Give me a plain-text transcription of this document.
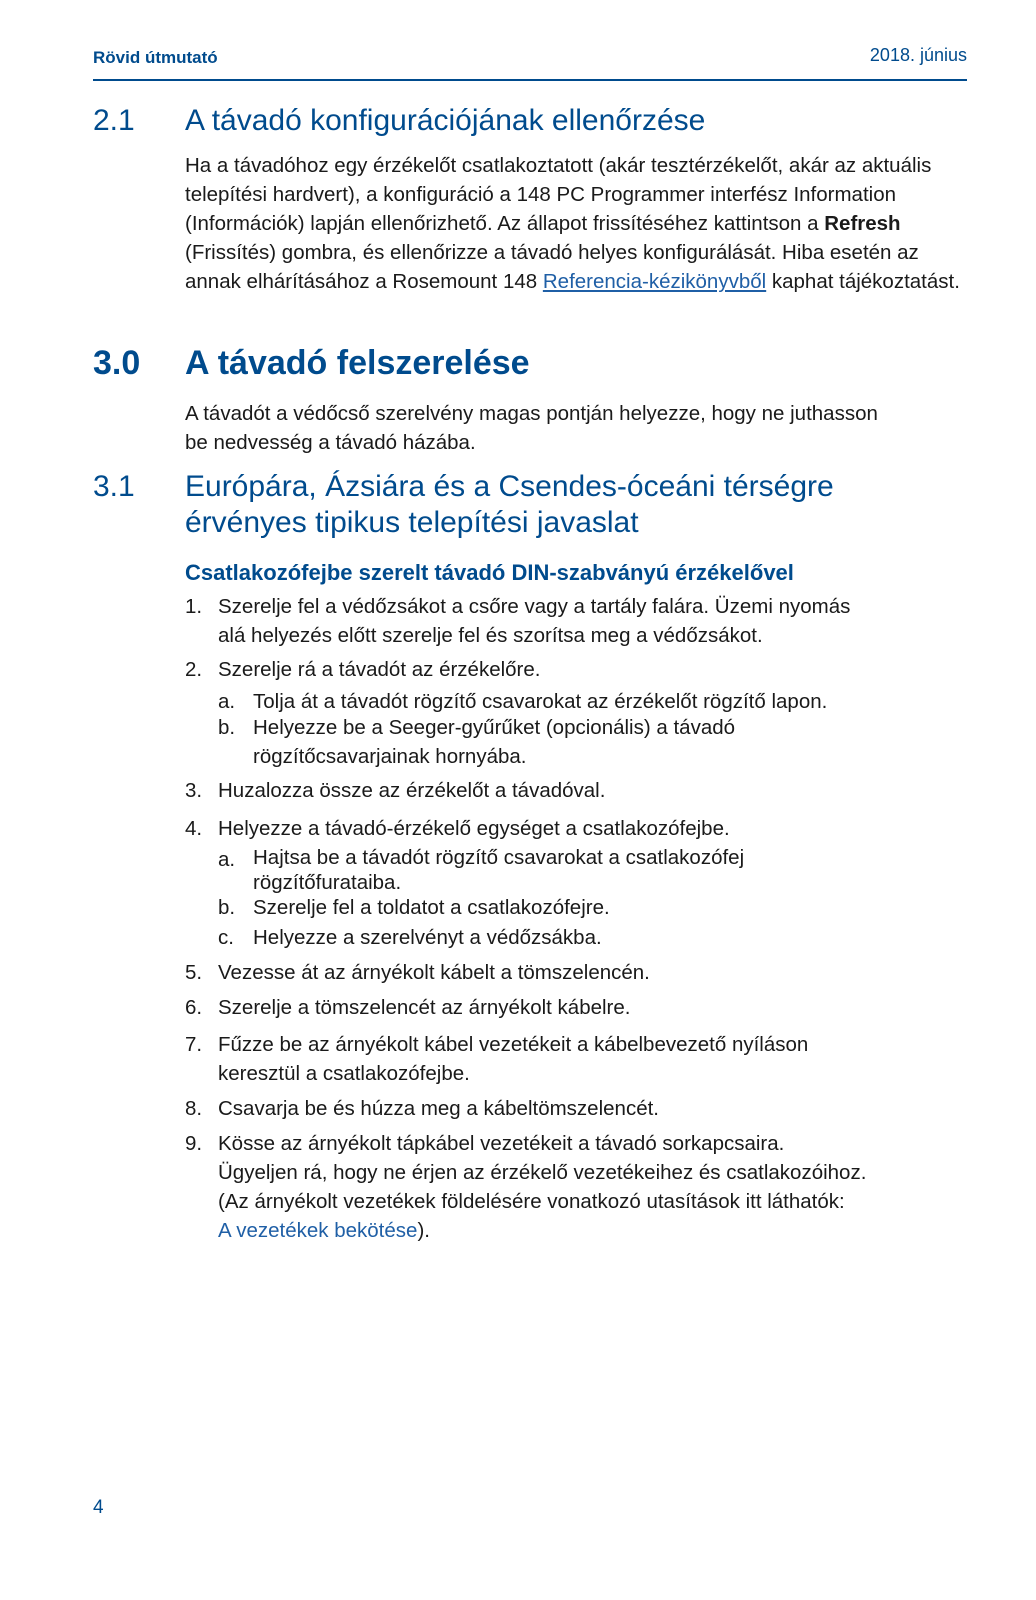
Rövid útmutató	2018. június
2.1 A távadó konfigurációjának ellenőrzése

Ha a távadóhoz egy érzékelőt csatlakoztatott (akár tesztérzékelőt, akár az aktuális telepítési hardvert), a konfiguráció a 148 PC Programmer interfész Information (Információk) lapján ellenőrizhető. Az állapot frissítéséhez kattintson a Refresh (Frissítés) gombra, és ellenőrizze a távadó helyes konfigurálását. Hiba esetén az annak elhárításához a Rosemount 148 Referencia-kézikönyvből kaphat tájékoztatást.

3.0 A távadó felszerelése

A távadót a védőcső szerelvény magas pontján helyezze, hogy ne juthasson be nedvesség a távadó házába.

3.1 Európára, Ázsiára és a Csendes-óceáni térségre
érvényes tipikus telepítési javaslat
Csatlakozófejbe szerelt távadó DIN-szabványú érzékelővel
1. Szerelje fel a védőzsákot a csőre vagy a tartály falára. Üzemi nyomás
alá helyezés előtt szerelje fel és szorítsa meg a védőzsákot.
2. Szerelje rá a távadót az érzékelőre.
a. Tolja át a távadót rögzítő csavarokat az érzékelőt rögzítő lapon.
b. Helyezze be a Seeger-gyűrűket (opcionális) a távadó
rögzítőcsavarjainak hornyába.
3. Huzalozza össze az érzékelőt a távadóval.
4. Helyezze a távadó-érzékelő egységet a csatlakozófejbe.
a. Hajtsa be a távadót rögzítő csavarokat a csatlakozófej
rögzítőfurataiba.
b. Szerelje fel a toldatot a csatlakozófejre.
c. Helyezze a szerelvényt a védőzsákba.
5. Vezesse át az árnyékolt kábelt a tömszelencén.
6. Szerelje a tömszelencét az árnyékolt kábelre.
7. Fűzze be az árnyékolt kábel vezetékeit a kábelbevezető nyíláson
keresztül a csatlakozófejbe.
8. Csavarja be és húzza meg a kábeltömszelencét.
9. Kösse az árnyékolt tápkábel vezetékeit a távadó sorkapcsaira.
Ügyeljen rá, hogy ne érjen az érzékelő vezetékeihez és csatlakozóihoz.
(Az árnyékolt vezetékek földelésére vonatkozó utasítások itt láthatók:
A vezetékek bekötése).
4
